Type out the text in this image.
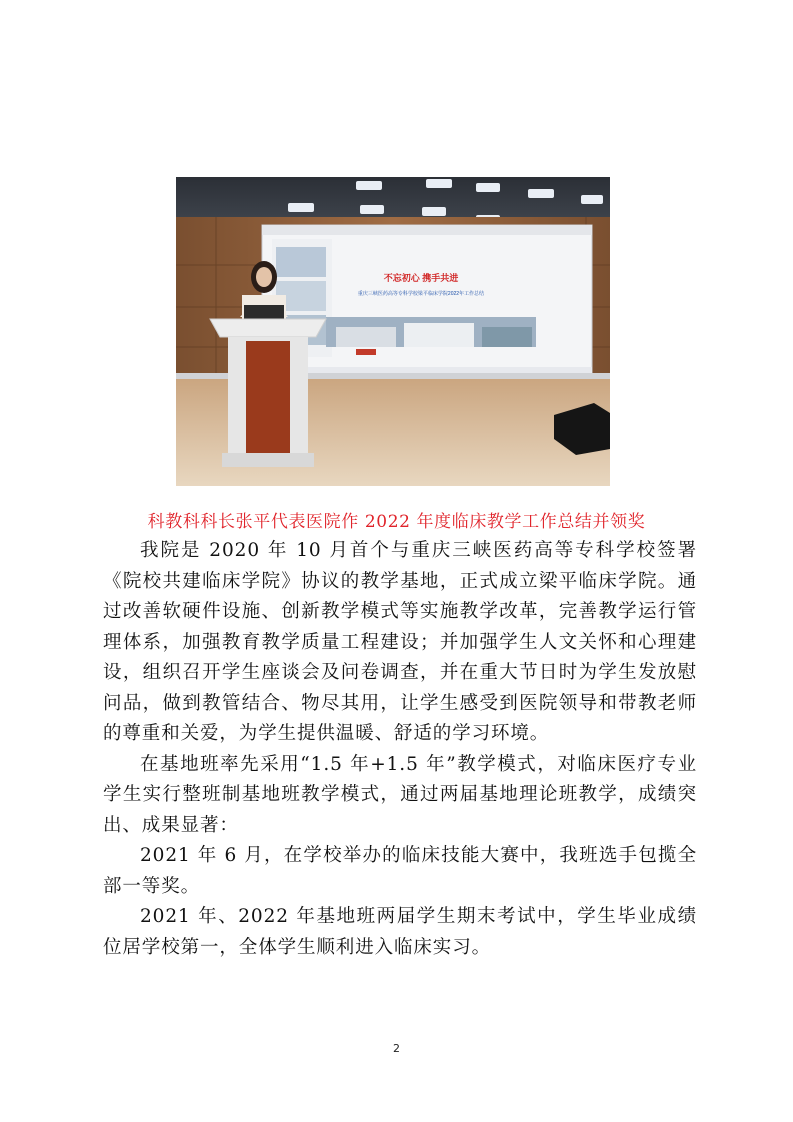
不忘初心 携手共进
重庆三峡医药高等专科学校梁平临床学院2022年工作总结
科教科科长张平代表医院作 2022 年度临床教学工作总结并领奖

我院是 2020 年 10 月首个与重庆三峡医药高等专科学校签署《院校共建临床学院》协议的教学基地，正式成立梁平临床学院。通过改善软硬件设施、创新教学模式等实施教学改革，完善教学运行管理体系，加强教育教学质量工程建设；并加强学生人文关怀和心理建设，组织召开学生座谈会及问卷调查，并在重大节日时为学生发放慰问品，做到教管结合、物尽其用，让学生感受到医院领导和带教老师的尊重和关爱，为学生提供温暖、舒适的学习环境。

在基地班率先采用“1.5 年+1.5 年”教学模式，对临床医疗专业学生实行整班制基地班教学模式，通过两届基地理论班教学，成绩突出、成果显著：

2021 年 6 月，在学校举办的临床技能大赛中，我班选手包揽全部一等奖。

2021 年、2022 年基地班两届学生期末考试中，学生毕业成绩位居学校第一，全体学生顺利进入临床实习。

2
